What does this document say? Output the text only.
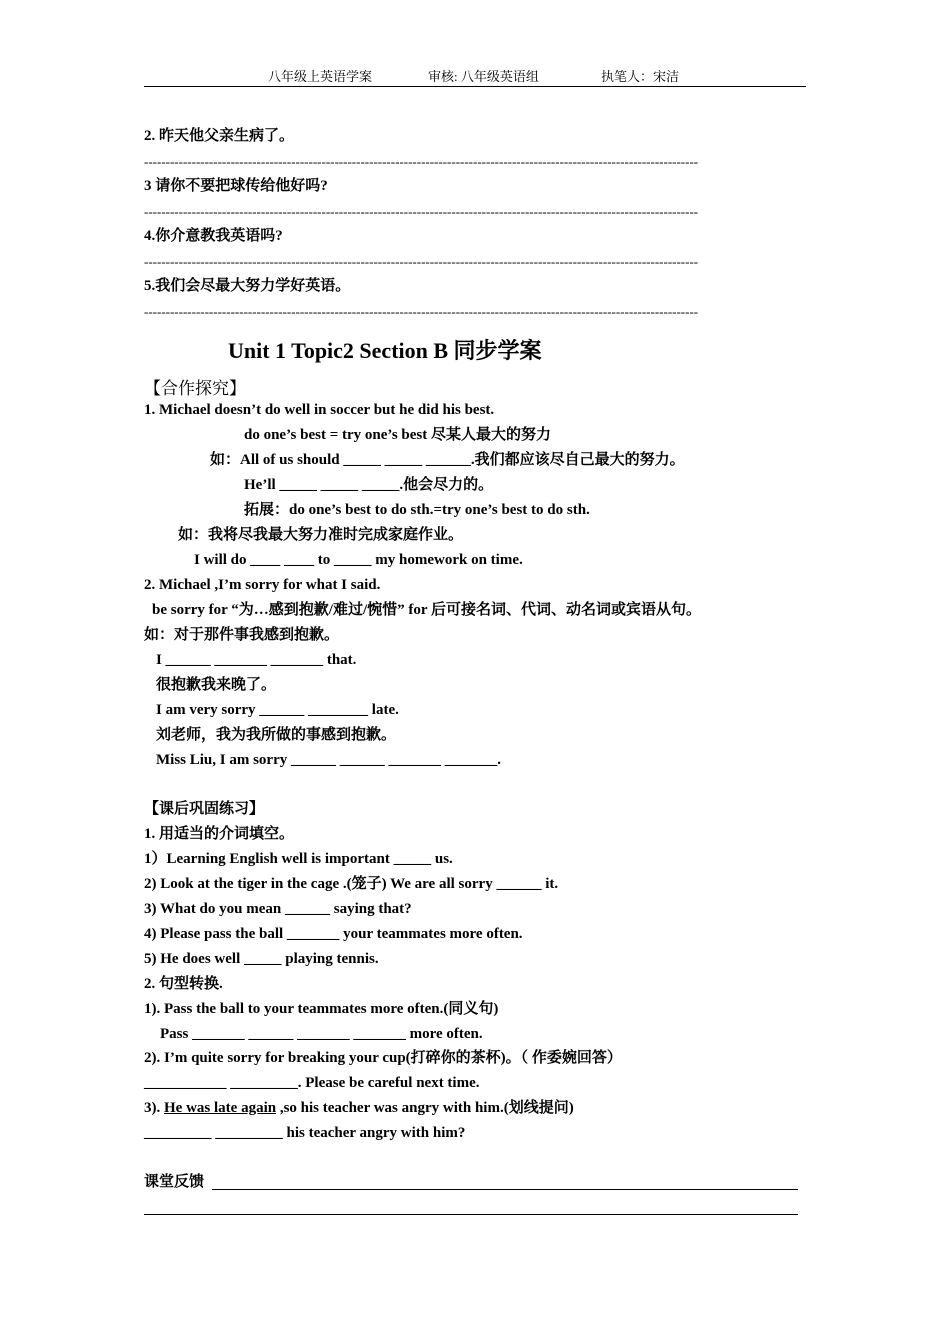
八年级上英语学案	审核: 八年级英语组	执笔人：宋洁
2. 昨天他父亲生病了。
--------------------------------------------------------------------------------------------------------------------------------
3 请你不要把球传给他好吗?
--------------------------------------------------------------------------------------------------------------------------------
4.你介意教我英语吗?
--------------------------------------------------------------------------------------------------------------------------------
5.我们会尽最大努力学好英语。
--------------------------------------------------------------------------------------------------------------------------------
Unit 1 Topic2 Section B 同步学案
【合作探究】
1. Michael doesn’t do well in soccer but he did his best.
do one’s best = try one’s best 尽某人最大的努力
如：All of us should _____ _____ ______.我们都应该尽自己最大的努力。
He’ll _____ _____ _____.他会尽力的。
拓展：do one’s best to do sth.=try one’s best to do sth.
如：我将尽我最大努力准时完成家庭作业。
I will do ____ ____ to _____ my homework on time.
2. Michael ,I’m sorry for what I said.
be sorry for “为…感到抱歉/难过/惋惜” for 后可接名词、代词、动名词或宾语从句。
如：对于那件事我感到抱歉。
I ______ _______ _______ that.
很抱歉我来晚了。
I am very sorry ______ ________ late.
刘老师，我为我所做的事感到抱歉。
Miss Liu, I am sorry ______ ______ _______ _______.
【课后巩固练习】
1. 用适当的介词填空。
1）Learning English well is important _____ us.
2) Look at the tiger in the cage .(笼子) We are all sorry ______ it.
3) What do you mean ______ saying that?
4) Please pass the ball _______ your teammates more often.
5) He does well _____ playing tennis.
2. 句型转换.
1). Pass the ball to your teammates more often.(同义句)
Pass _______ ______ _______ _______ more often.
2). I’m quite sorry for breaking your cup(打碎你的茶杯)。（ 作委婉回答）
___________ _________. Please be careful next time.
3). He was late again ,so his teacher was angry with him.(划线提问)
_________ _________ his teacher angry with him?
课堂反馈
